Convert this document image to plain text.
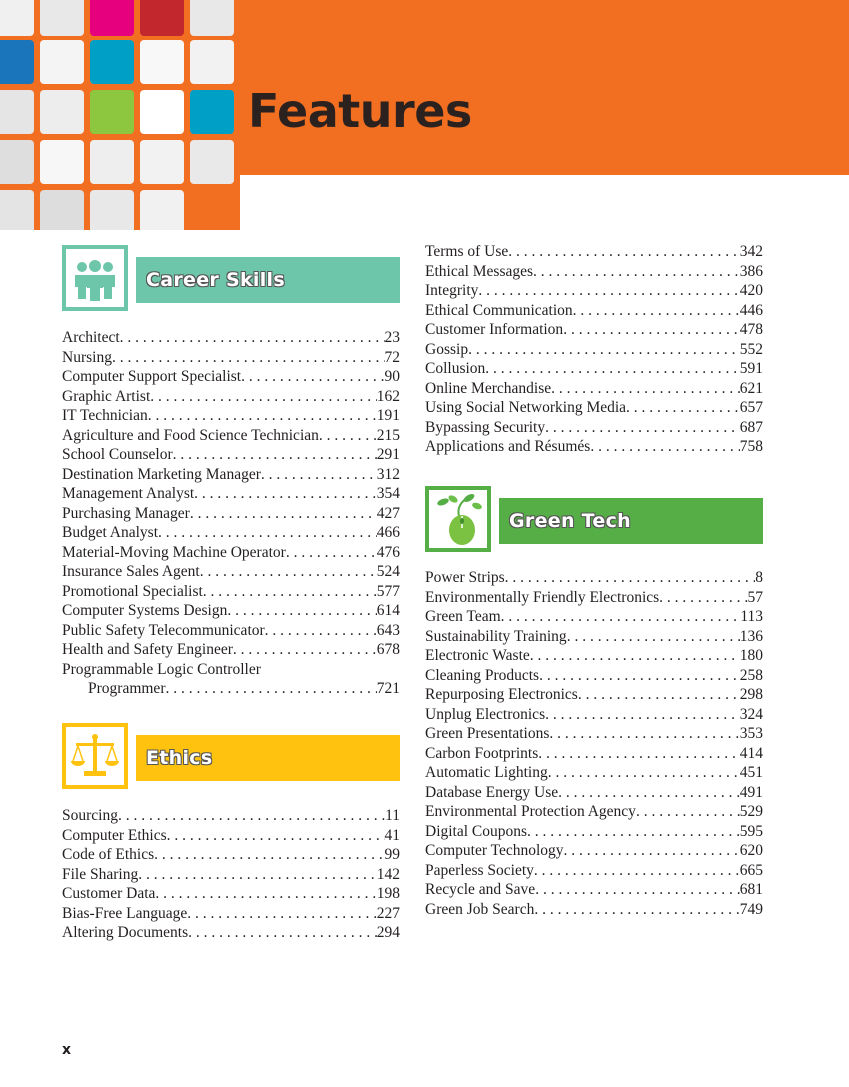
Features
Career Skills
Architect . . .	23
Nursing . . .	72
Computer Support Specialist . . .	90
Graphic Artist . . .	162
IT Technician . . .	191
Agriculture and Food Science Technician . . .	215
School Counselor . . .	291
Destination Marketing Manager . . .	312
Management Analyst . . .	354
Purchasing Manager . . .	427
Budget Analyst . . .	466
Material-Moving Machine Operator . . .	476
Insurance Sales Agent . . .	524
Promotional Specialist . . .	577
Computer Systems Design . . .	614
Public Safety Telecommunicator . . .	643
Health and Safety Engineer . . .	678
Programmable Logic Controller
Programmer . . .	721
Ethics
Sourcing . . .	11
Computer Ethics . . .	41
Code of Ethics . . .	99
File Sharing . . .	142
Customer Data . . .	198
Bias-Free Language . . .	227
Altering Documents . . .	294
Terms of Use . . .	342
Ethical Messages . . .	386
Integrity . . .	420
Ethical Communication . . .	446
Customer Information . . .	478
Gossip . . .	552
Collusion . . .	591
Online Merchandise . . .	621
Using Social Networking Media . . .	657
Bypassing Security . . .	687
Applications and Résumés . . .	758
Green Tech
Power Strips . . .	8
Environmentally Friendly Electronics . . .	57
Green Team . . .	113
Sustainability Training . . .	136
Electronic Waste . . .	180
Cleaning Products . . .	258
Repurposing Electronics . . .	298
Unplug Electronics . . .	324
Green Presentations . . .	353
Carbon Footprints . . .	414
Automatic Lighting . . .	451
Database Energy Use . . .	491
Environmental Protection Agency . . .	529
Digital Coupons . . .	595
Computer Technology . . .	620
Paperless Society . . .	665
Recycle and Save . . .	681
Green Job Search . . .	749
x
